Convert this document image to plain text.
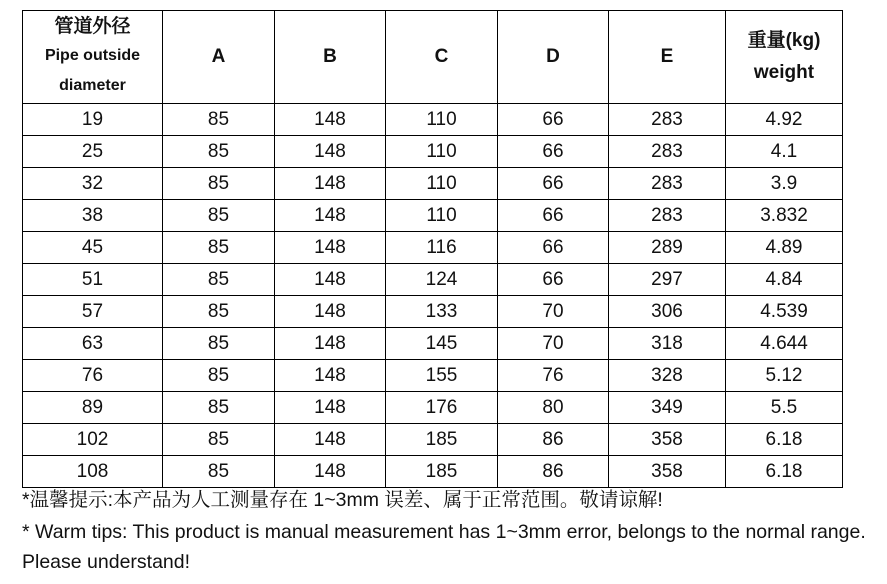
管道外径
Pipe outside
diameter	A	B	C	D	E	重量(kg)
weight

19	85	148	110	66	283	4.92
25	85	148	110	66	283	4.1
32	85	148	110	66	283	3.9
38	85	148	110	66	283	3.832
45	85	148	116	66	289	4.89
51	85	148	124	66	297	4.84
57	85	148	133	70	306	4.539
63	85	148	145	70	318	4.644
76	85	148	155	76	328	5.12
89	85	148	176	80	349	5.5
102	85	148	185	86	358	6.18
108	85	148	185	86	358	6.18
*温馨提示:本产品为人工测量存在 1~3mm 误差、属于正常范围。敬请谅解!
* Warm tips: This product is manual measurement has 1~3mm error, belongs to the normal range. Please understand!
